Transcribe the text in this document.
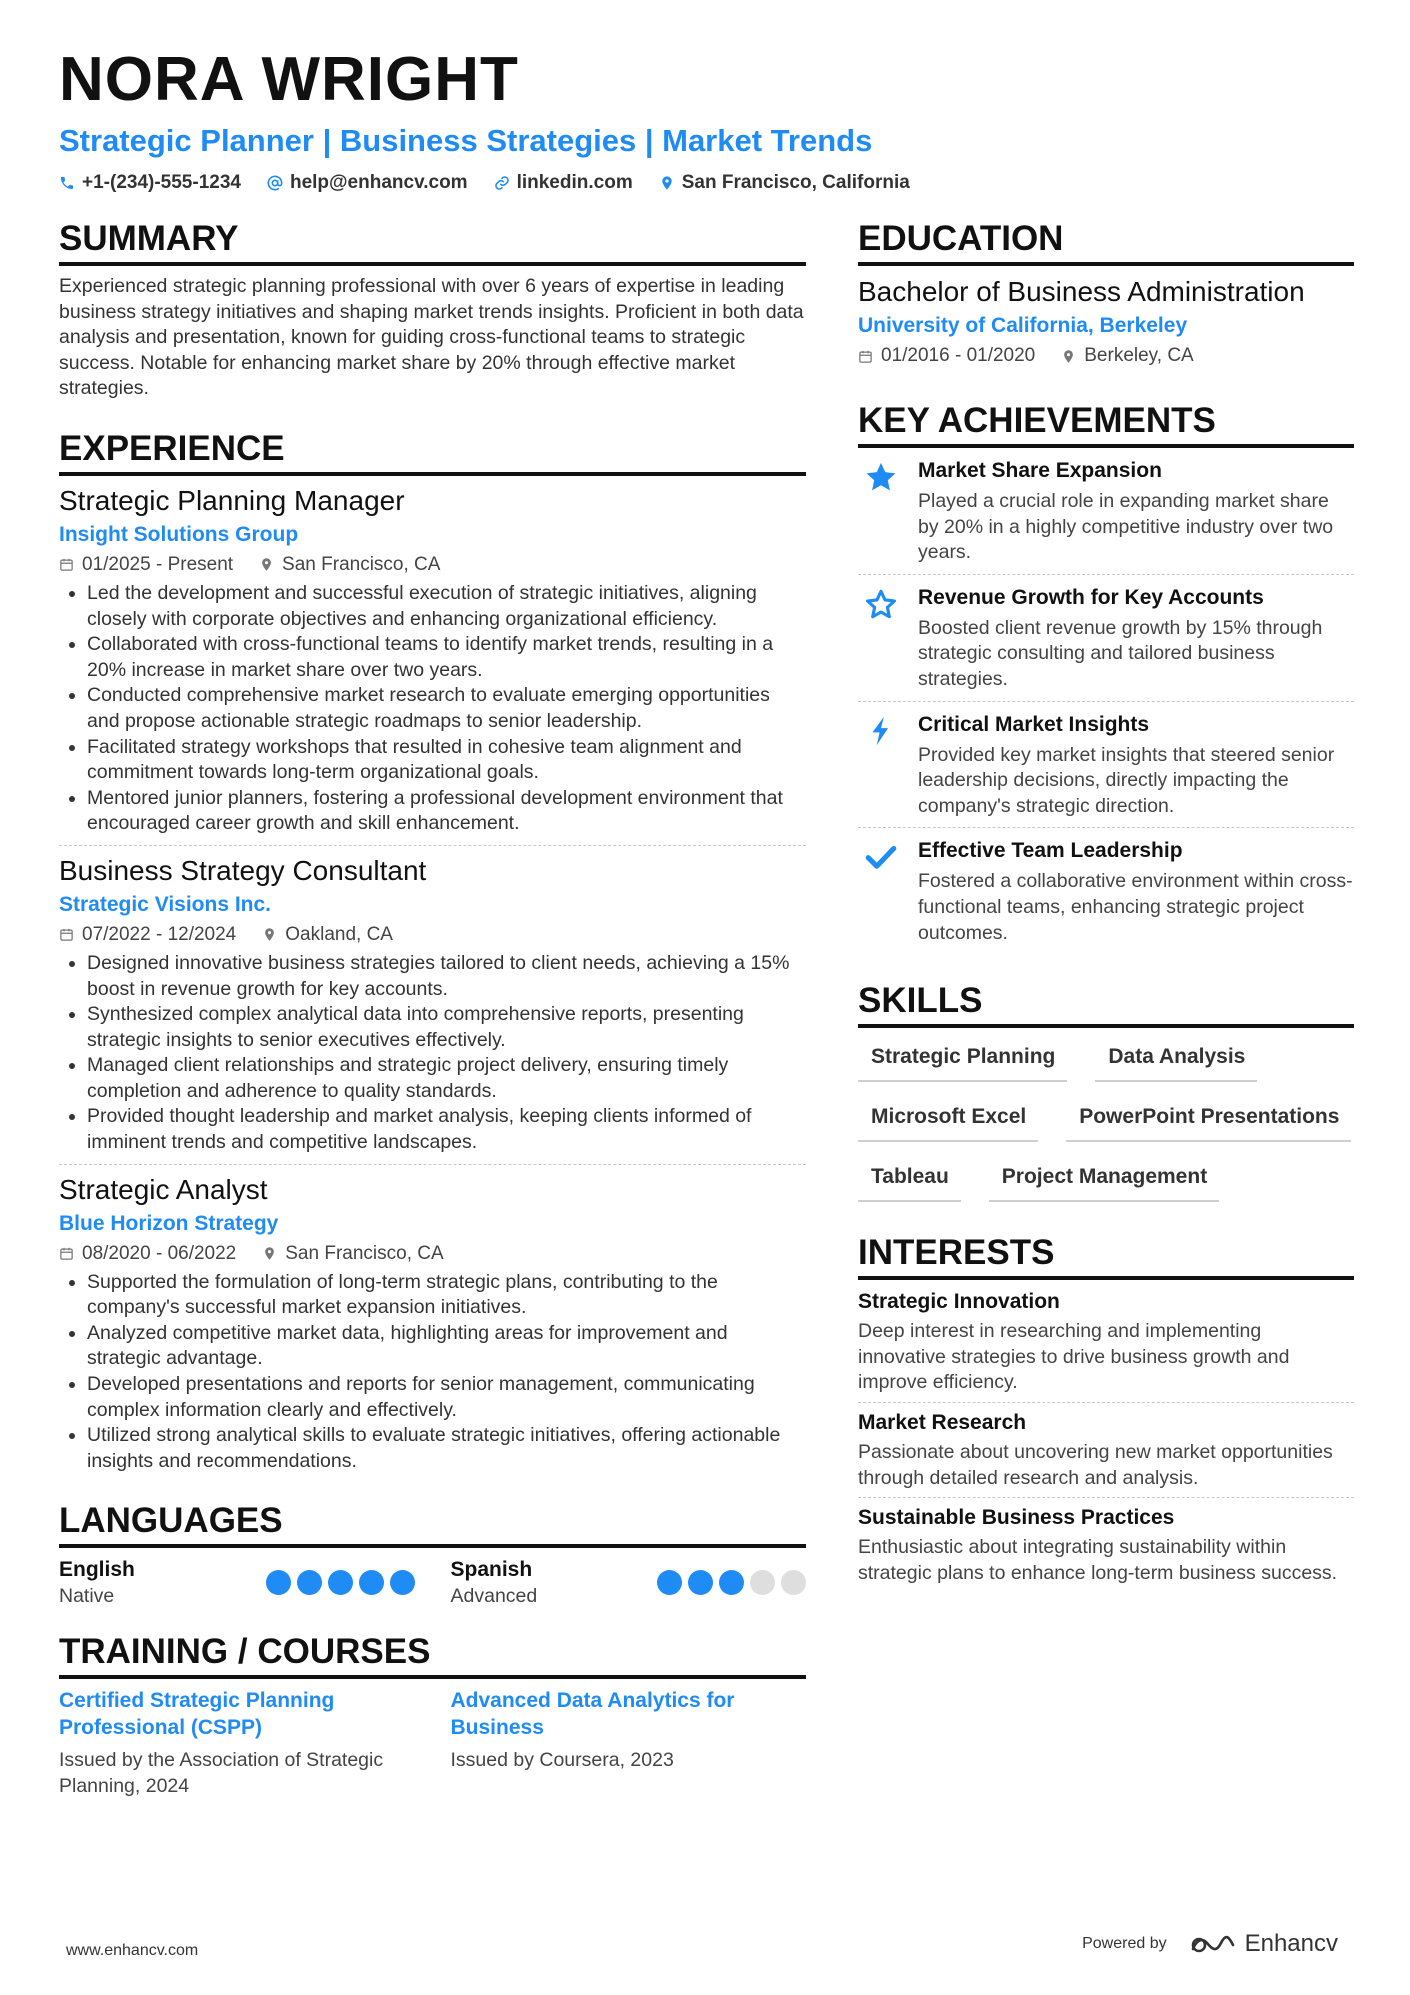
NORA WRIGHT
Strategic Planner | Business Strategies | Market Trends
+1-(234)-555-1234	help@enhancv.com	linkedin.com	San Francisco, California
SUMMARY
Experienced strategic planning professional with over 6 years of expertise in leading business strategy initiatives and shaping market trends insights. Proficient in both data analysis and presentation, known for guiding cross-functional teams to strategic success. Notable for enhancing market share by 20% through effective market strategies.
EXPERIENCE
Strategic Planning Manager
Insight Solutions Group
01/2025 - Present	San Francisco, CA
• Led the development and successful execution of strategic initiatives, aligning closely with corporate objectives and enhancing organizational efficiency.
• Collaborated with cross-functional teams to identify market trends, resulting in a 20% increase in market share over two years.
• Conducted comprehensive market research to evaluate emerging opportunities and propose actionable strategic roadmaps to senior leadership.
• Facilitated strategy workshops that resulted in cohesive team alignment and commitment towards long-term organizational goals.
• Mentored junior planners, fostering a professional development environment that encouraged career growth and skill enhancement.
Business Strategy Consultant
Strategic Visions Inc.
07/2022 - 12/2024	Oakland, CA
• Designed innovative business strategies tailored to client needs, achieving a 15% boost in revenue growth for key accounts.
• Synthesized complex analytical data into comprehensive reports, presenting strategic insights to senior executives effectively.
• Managed client relationships and strategic project delivery, ensuring timely completion and adherence to quality standards.
• Provided thought leadership and market analysis, keeping clients informed of imminent trends and competitive landscapes.
Strategic Analyst
Blue Horizon Strategy
08/2020 - 06/2022	San Francisco, CA
• Supported the formulation of long-term strategic plans, contributing to the company's successful market expansion initiatives.
• Analyzed competitive market data, highlighting areas for improvement and strategic advantage.
• Developed presentations and reports for senior management, communicating complex information clearly and effectively.
• Utilized strong analytical skills to evaluate strategic initiatives, offering actionable insights and recommendations.
LANGUAGES
English
Native
Spanish
Advanced
TRAINING / COURSES
Certified Strategic Planning Professional (CSPP)
Issued by the Association of Strategic Planning, 2024
Advanced Data Analytics for Business
Issued by Coursera, 2023
EDUCATION
Bachelor of Business Administration
University of California, Berkeley
01/2016 - 01/2020	Berkeley, CA
KEY ACHIEVEMENTS
Market Share Expansion
Played a crucial role in expanding market share by 20% in a highly competitive industry over two years.
Revenue Growth for Key Accounts
Boosted client revenue growth by 15% through strategic consulting and tailored business strategies.
Critical Market Insights
Provided key market insights that steered senior leadership decisions, directly impacting the company's strategic direction.
Effective Team Leadership
Fostered a collaborative environment within cross-functional teams, enhancing strategic project outcomes.
SKILLS
Strategic Planning	Data Analysis
Microsoft Excel	PowerPoint Presentations
Tableau	Project Management
INTERESTS
Strategic Innovation
Deep interest in researching and implementing innovative strategies to drive business growth and improve efficiency.
Market Research
Passionate about uncovering new market opportunities through detailed research and analysis.
Sustainable Business Practices
Enthusiastic about integrating sustainability within strategic plans to enhance long-term business success.
www.enhancv.com	Powered by	Enhancv
